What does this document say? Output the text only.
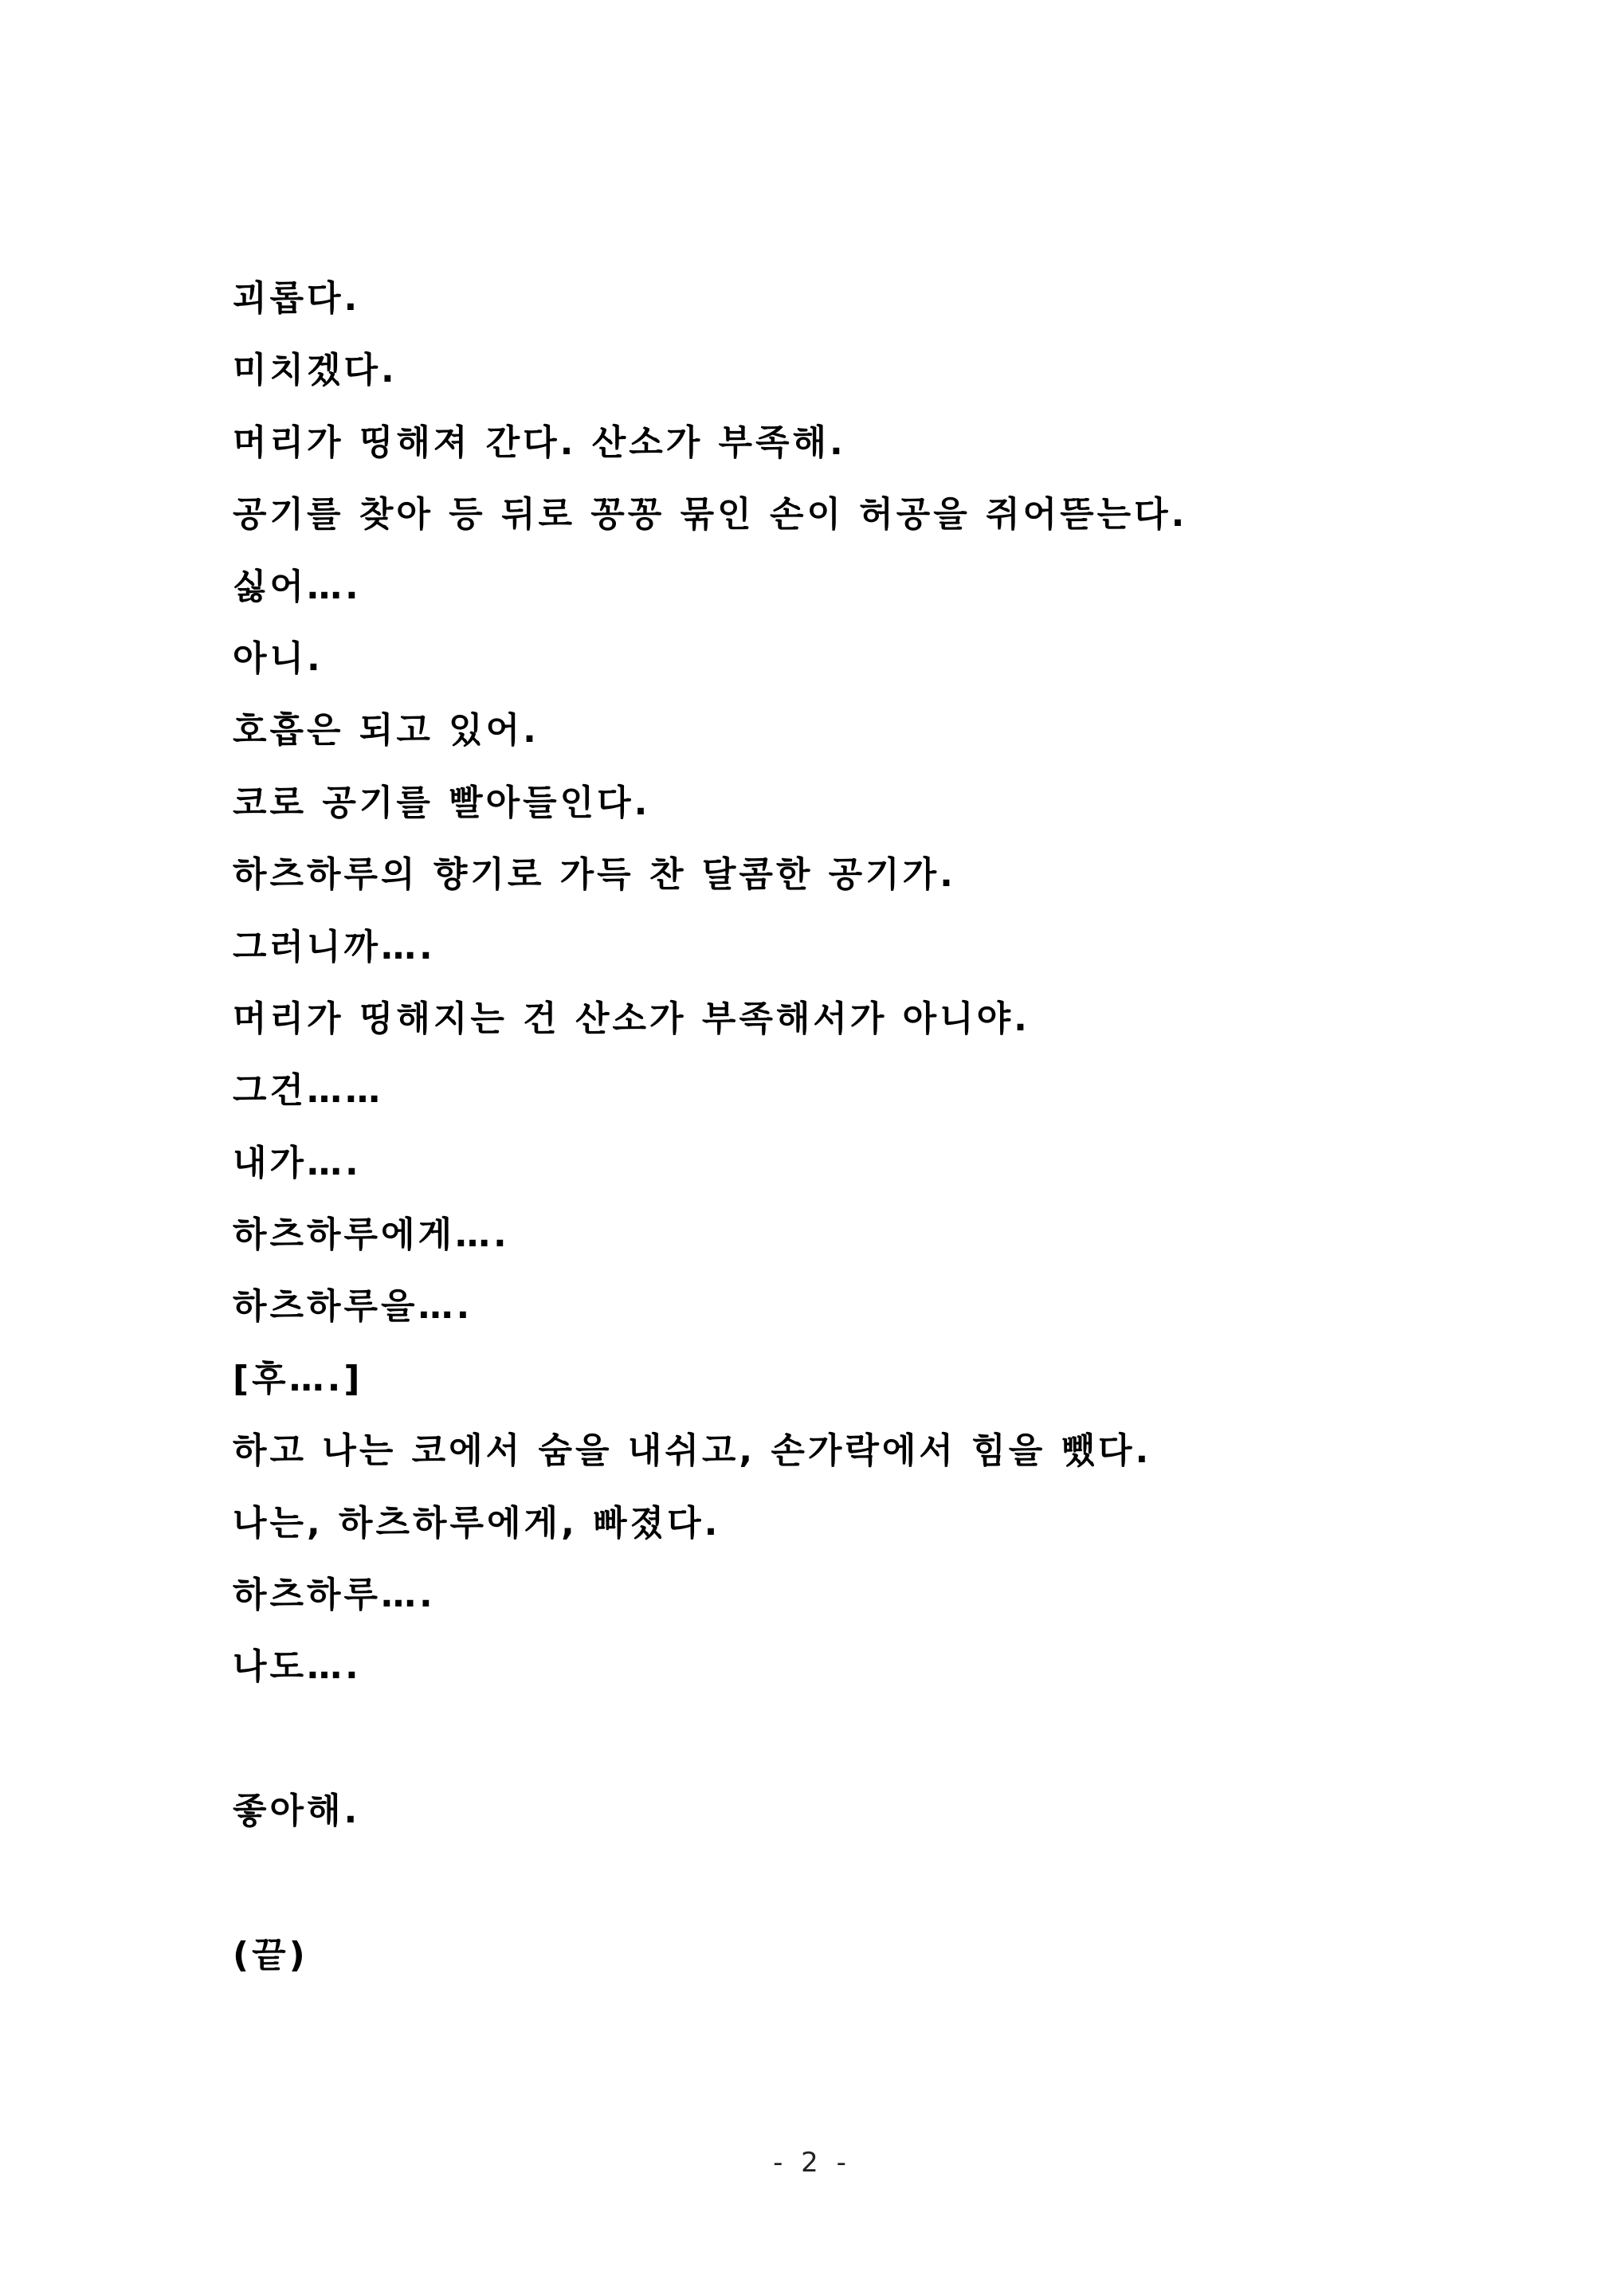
괴롭다.
미치겠다.
머리가 띵해져 간다. 산소가 부족해.
공기를 찾아 등 뒤로 꽁꽁 묶인 손이 허공을 쥐어뜯는다.
싫어….
아니.
호흡은 되고 있어.
코로 공기를 빨아들인다.
하츠하루의 향기로 가득 찬 달콤한 공기가.
그러니까….
머리가 띵해지는 건 산소가 부족해서가 아니야.
그건……
내가….
하츠하루에게….
하츠하루을….
[후….]
하고 나는 코에서 숨을 내쉬고, 손가락에서 힘을 뺐다.
나는, 하츠하루에게, 빠졌다.
하츠하루….
나도….
좋아해.
(끝)
- 2 -
